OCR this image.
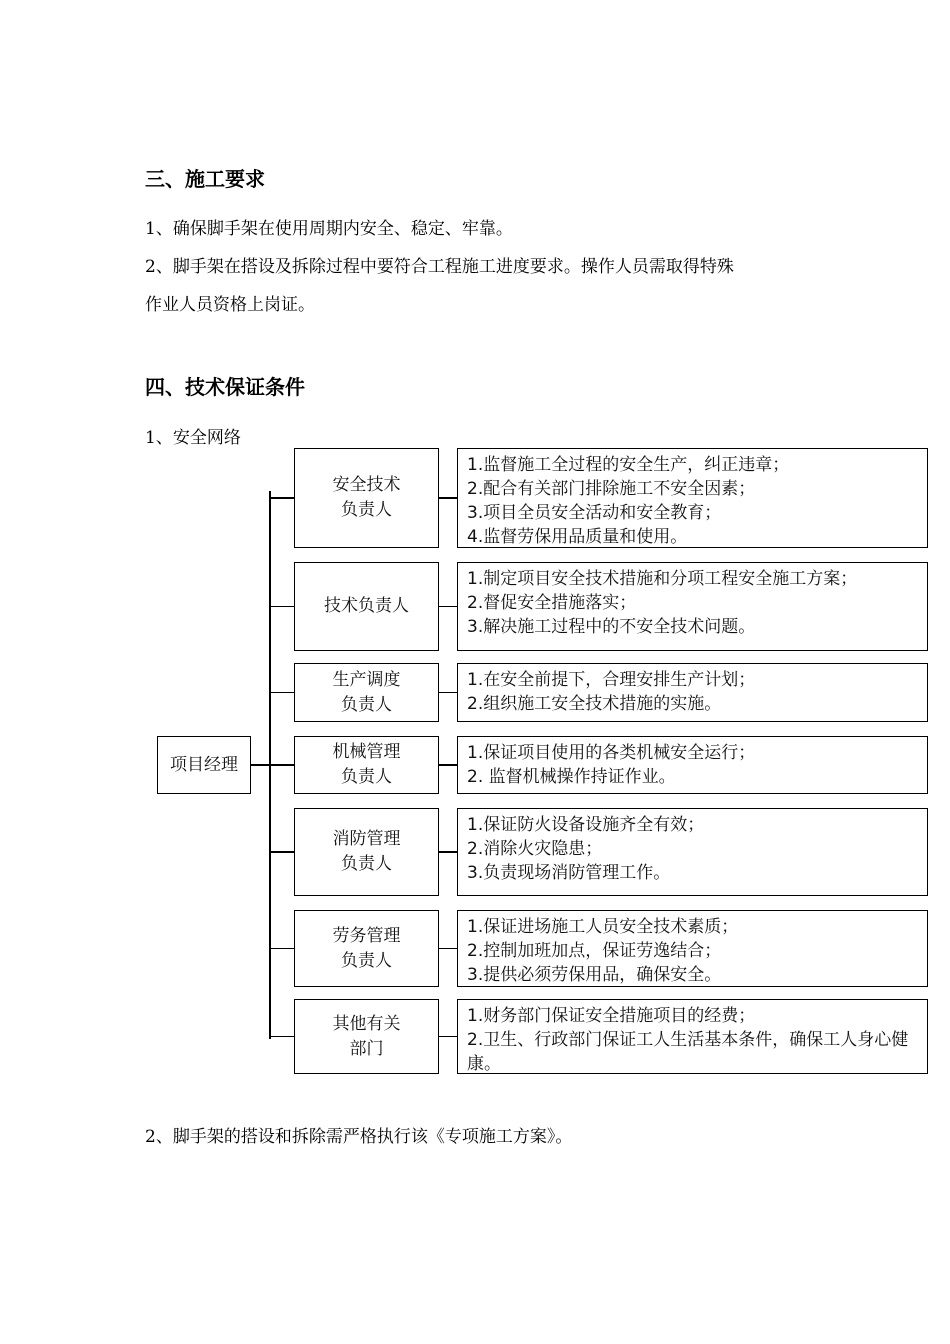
三、施工要求

1、确保脚手架在使用周期内安全、稳定、牢靠。

2、脚手架在搭设及拆除过程中要符合工程施工进度要求。操作人员需取得特殊

作业人员资格上岗证。

四、技术保证条件

1、安全网络

项目经理
安全技术
负责人
1.监督施工全过程的安全生产，纠正违章；
2.配合有关部门排除施工不安全因素；
3.项目全员安全活动和安全教育；
4.监督劳保用品质量和使用。
技术负责人
1.制定项目安全技术措施和分项工程安全施工方案；
2.督促安全措施落实；
3.解决施工过程中的不安全技术问题。
生产调度
负责人
1.在安全前提下，合理安排生产计划；
2.组织施工安全技术措施的实施。
机械管理
负责人
1.保证项目使用的各类机械安全运行；
2. 监督机械操作持证作业。
消防管理
负责人
1.保证防火设备设施齐全有效；
2.消除火灾隐患；
3.负责现场消防管理工作。
劳务管理
负责人
1.保证进场施工人员安全技术素质；
2.控制加班加点，保证劳逸结合；
3.提供必须劳保用品，确保安全。
其他有关
部门
1.财务部门保证安全措施项目的经费；
2.卫生、行政部门保证工人生活基本条件，确保工人身心健康。

2、脚手架的搭设和拆除需严格执行该《专项施工方案》。
